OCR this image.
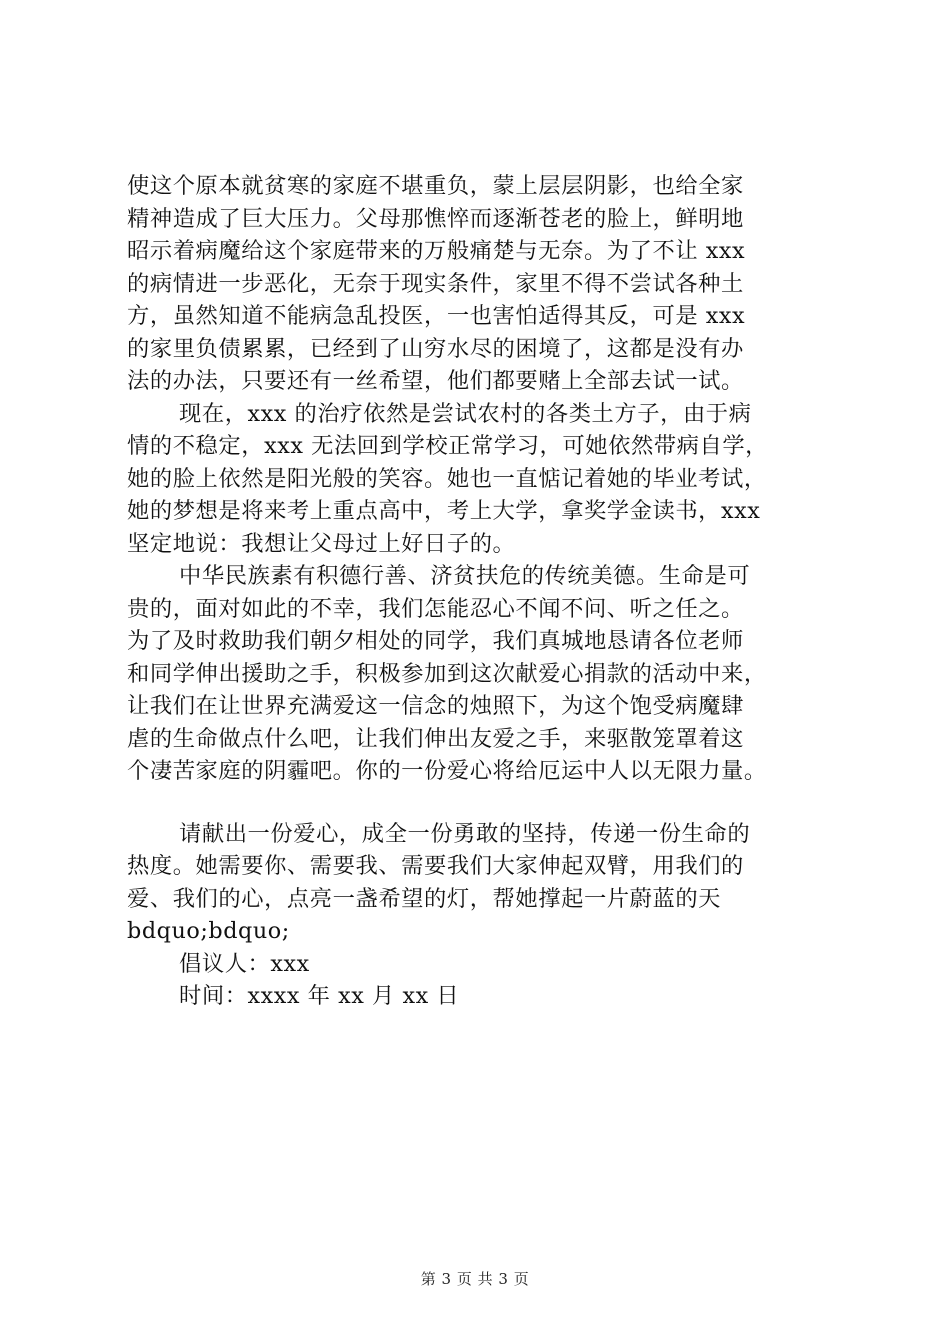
使这个原本就贫寒的家庭不堪重负，蒙上层层阴影，也给全家
精神造成了巨大压力。父母那憔悴而逐渐苍老的脸上，鲜明地
昭示着病魔给这个家庭带来的万般痛楚与无奈。为了不让 xxx
的病情进一步恶化，无奈于现实条件，家里不得不尝试各种土
方，虽然知道不能病急乱投医，一也害怕适得其反，可是 xxx
的家里负债累累，已经到了山穷水尽的困境了，这都是没有办
法的办法，只要还有一丝希望，他们都要赌上全部去试一试。
现在，xxx 的治疗依然是尝试农村的各类土方子，由于病
情的不稳定，xxx 无法回到学校正常学习，可她依然带病自学，
她的脸上依然是阳光般的笑容。她也一直惦记着她的毕业考试，
她的梦想是将来考上重点高中，考上大学，拿奖学金读书，xxx
坚定地说：我想让父母过上好日子的。
中华民族素有积德行善、济贫扶危的传统美德。生命是可
贵的，面对如此的不幸，我们怎能忍心不闻不问、听之任之。
为了及时救助我们朝夕相处的同学，我们真城地恳请各位老师
和同学伸出援助之手，积极参加到这次献爱心捐款的活动中来，
让我们在让世界充满爱这一信念的烛照下，为这个饱受病魔肆
虐的生命做点什么吧，让我们伸出友爱之手，来驱散笼罩着这
个凄苦家庭的阴霾吧。你的一份爱心将给厄运中人以无限力量。
请献出一份爱心，成全一份勇敢的坚持，传递一份生命的
热度。她需要你、需要我、需要我们大家伸起双臂，用我们的
爱、我们的心，点亮一盏希望的灯，帮她撑起一片蔚蓝的天
bdquo;bdquo;
倡议人：xxx
时间：xxxx 年 xx 月 xx 日
第 3 页 共 3 页
